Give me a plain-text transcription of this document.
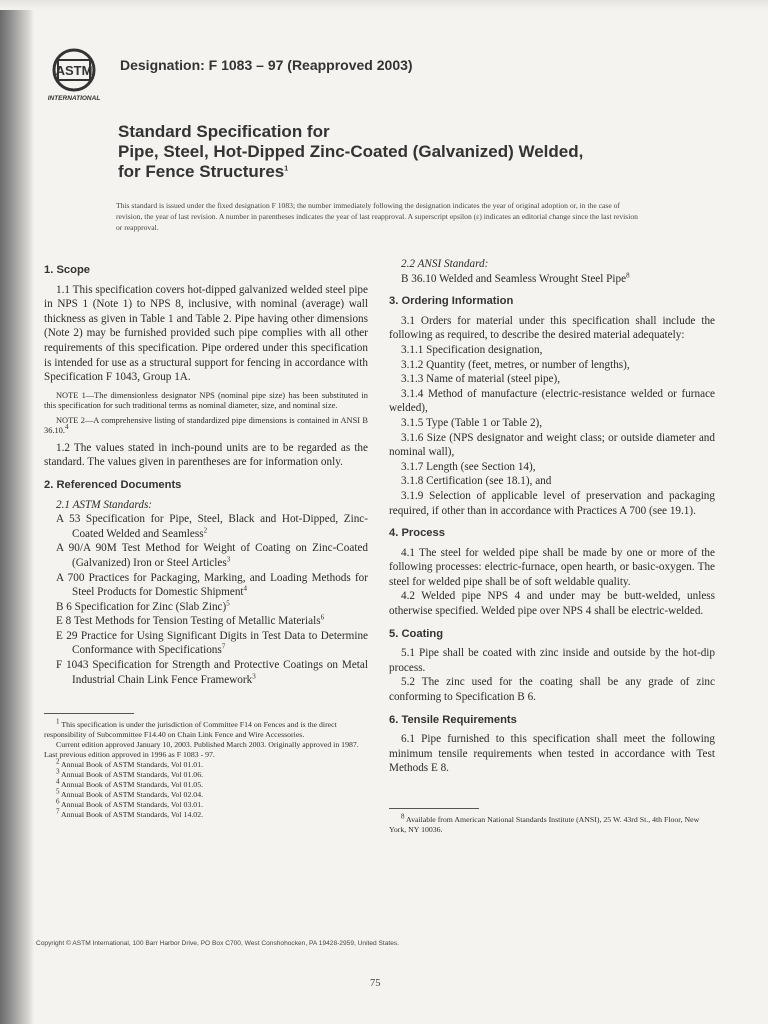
ASTM
INTERNATIONAL
Designation: F 1083 – 97 (Reapproved 2003)
Standard Specification for
Pipe, Steel, Hot-Dipped Zinc-Coated (Galvanized) Welded,
for Fence Structures$^1$
This standard is issued under the fixed designation F 1083; the number immediately following the designation indicates the year of original adoption or, in the case of revision, the year of last revision. A number in parentheses indicates the year of last reapproval. A superscript epsilon (ε) indicates an editorial change since the last revision or reapproval.
1. Scope

1.1 This specification covers hot-dipped galvanized welded steel pipe in NPS 1 (Note 1) to NPS 8, inclusive, with nominal (average) wall thickness as given in Table 1 and Table 2. Pipe having other dimensions (Note 2) may be furnished provided such pipe complies with all other requirements of this specification. Pipe ordered under this specification is intended for use as a structural support for fencing in accordance with Specification F 1043, Group 1A.

NOTE 1—The dimensionless designator NPS (nominal pipe size) has been substituted in this specification for such traditional terms as nominal diameter, size, and nominal size.

NOTE 2—A comprehensive listing of standardized pipe dimensions is contained in ANSI B 36.10.$^4$

1.2 The values stated in inch-pound units are to be regarded as the standard. The values given in parentheses are for information only.

2. Referenced Documents

2.1 ASTM Standards:

A 53 Specification for Pipe, Steel, Black and Hot-Dipped, Zinc-Coated Welded and Seamless$^2$

A 90/A 90M Test Method for Weight of Coating on Zinc-Coated (Galvanized) Iron or Steel Articles$^3$

A 700 Practices for Packaging, Marking, and Loading Methods for Steel Products for Domestic Shipment$^4$

B 6 Specification for Zinc (Slab Zinc)$^5$

E 8 Test Methods for Tension Testing of Metallic Materials$^6$

E 29 Practice for Using Significant Digits in Test Data to Determine Conformance with Specifications$^7$

F 1043 Specification for Strength and Protective Coatings on Metal Industrial Chain Link Fence Framework$^3$

$^1$ This specification is under the jurisdiction of Committee F14 on Fences and is the direct responsibility of Subcommittee F14.40 on Chain Link Fence and Wire Accessories.

Current edition approved January 10, 2003. Published March 2003. Originally approved in 1987. Last previous edition approved in 1996 as F 1083 - 97.

$^2$ Annual Book of ASTM Standards, Vol 01.01.

$^3$ Annual Book of ASTM Standards, Vol 01.06.

$^4$ Annual Book of ASTM Standards, Vol 01.05.

$^5$ Annual Book of ASTM Standards, Vol 02.04.

$^6$ Annual Book of ASTM Standards, Vol 03.01.

$^7$ Annual Book of ASTM Standards, Vol 14.02.

2.2 ANSI Standard:

B 36.10 Welded and Seamless Wrought Steel Pipe$^8$

3. Ordering Information

3.1 Orders for material under this specification shall include the following as required, to describe the desired material adequately:

3.1.1 Specification designation,

3.1.2 Quantity (feet, metres, or number of lengths),

3.1.3 Name of material (steel pipe),

3.1.4 Method of manufacture (electric-resistance welded or furnace welded),

3.1.5 Type (Table 1 or Table 2),

3.1.6 Size (NPS designator and weight class; or outside diameter and nominal wall),

3.1.7 Length (see Section 14),

3.1.8 Certification (see 18.1), and

3.1.9 Selection of applicable level of preservation and packaging required, if other than in accordance with Practices A 700 (see 19.1).

4. Process

4.1 The steel for welded pipe shall be made by one or more of the following processes: electric-furnace, open hearth, or basic-oxygen. The steel for welded pipe shall be of soft weldable quality.

4.2 Welded pipe NPS 4 and under may be butt-welded, unless otherwise specified. Welded pipe over NPS 4 shall be electric-welded.

5. Coating

5.1 Pipe shall be coated with zinc inside and outside by the hot-dip process.

5.2 The zinc used for the coating shall be any grade of zinc conforming to Specification B 6.

6. Tensile Requirements

6.1 Pipe furnished to this specification shall meet the following minimum tensile requirements when tested in accordance with Test Methods E 8.

$^8$ Available from American National Standards Institute (ANSI), 25 W. 43rd St., 4th Floor, New York, NY 10036.

Copyright © ASTM International, 100 Barr Harbor Drive, PO Box C700, West Conshohocken, PA 19428-2959, United States.
75
